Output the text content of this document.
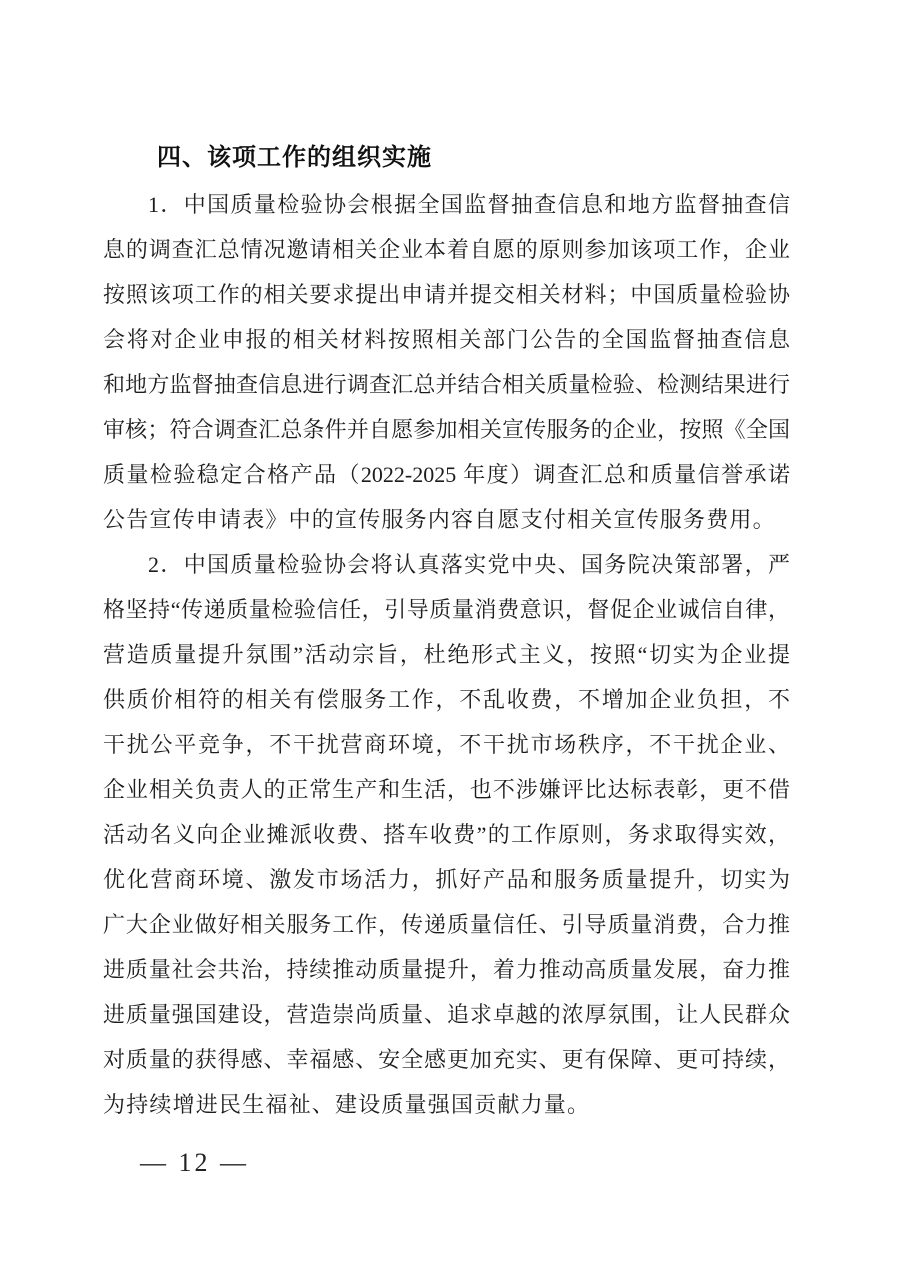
四、该项工作的组织实施
1．中国质量检验协会根据全国监督抽查信息和地方监督抽查信
息的调查汇总情况邀请相关企业本着自愿的原则参加该项工作，企业
按照该项工作的相关要求提出申请并提交相关材料；中国质量检验协
会将对企业申报的相关材料按照相关部门公告的全国监督抽查信息
和地方监督抽查信息进行调查汇总并结合相关质量检验、检测结果进行
审核；符合调查汇总条件并自愿参加相关宣传服务的企业，按照《全国
质量检验稳定合格产品（2022-2025 年度）调查汇总和质量信誉承诺
公告宣传申请表》中的宣传服务内容自愿支付相关宣传服务费用。
2．中国质量检验协会将认真落实党中央、国务院决策部署，严
格坚持“传递质量检验信任，引导质量消费意识，督促企业诚信自律，
营造质量提升氛围”活动宗旨，杜绝形式主义，按照“切实为企业提
供质价相符的相关有偿服务工作，不乱收费，不增加企业负担，不
干扰公平竞争，不干扰营商环境，不干扰市场秩序，不干扰企业、
企业相关负责人的正常生产和生活，也不涉嫌评比达标表彰，更不借
活动名义向企业摊派收费、搭车收费”的工作原则，务求取得实效，
优化营商环境、激发市场活力，抓好产品和服务质量提升，切实为
广大企业做好相关服务工作，传递质量信任、引导质量消费，合力推
进质量社会共治，持续推动质量提升，着力推动高质量发展，奋力推
进质量强国建设，营造崇尚质量、追求卓越的浓厚氛围，让人民群众
对质量的获得感、幸福感、安全感更加充实、更有保障、更可持续，
为持续增进民生福祉、建设质量强国贡献力量。
— 12 —
